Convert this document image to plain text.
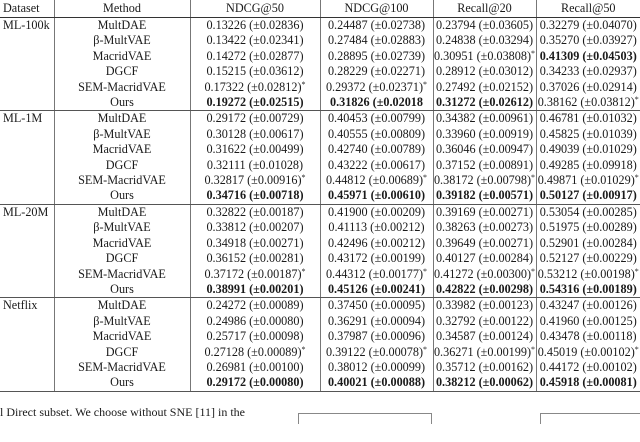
Dataset	Method	NDCG@50	NDCG@100	Recall@20	Recall@50
ML-100k	MultDAE	0.13226 (±0.02836)	0.24487 (±0.02738)	0.23794 (±0.03605)	0.32279 (±0.04070)
	β-MultVAE	0.13422 (±0.02341)	0.27484 (±0.02883)	0.24838 (±0.03294)	0.35270 (±0.03927)
	MacridVAE	0.14272 (±0.02877)	0.28895 (±0.02739)	0.30951 (±0.03808)*	0.41309 (±0.04503)
	DGCF	0.15215 (±0.03612)	0.28229 (±0.02271)	0.28912 (±0.03012)	0.34233 (±0.02937)
	SEM-MacridVAE	0.17322 (±0.02812)*	0.29372 (±0.02371)*	0.27492 (±0.02152)	0.37026 (±0.02914)
	Ours	0.19272 (±0.02515)	0.31826 (±0.02018	0.31272 (±0.02612)	0.38162 (±0.03812)*
ML-1M	MultDAE	0.29172 (±0.00729)	0.40453 (±0.00799)	0.34382 (±0.00961)	0.46781 (±0.01032)
	β-MultVAE	0.30128 (±0.00617)	0.40555 (±0.00809)	0.33960 (±0.00919)	0.45825 (±0.01039)
	MacridVAE	0.31622 (±0.00499)	0.42740 (±0.00789)	0.36046 (±0.00947)	0.49039 (±0.01029)
	DGCF	0.32111 (±0.01028)	0.43222 (±0.00617)	0.37152 (±0.00891)	0.49285 (±0.09918)
	SEM-MacridVAE	0.32817 (±0.00916)*	0.44812 (±0.00689)*	0.38172 (±0.00798)*	0.49871 (±0.01029)*
	Ours	0.34716 (±0.00718)	0.45971 (±0.00610)	0.39182 (±0.00571)	0.50127 (±0.00917)
ML-20M	MultDAE	0.32822 (±0.00187)	0.41900 (±0.00209)	0.39169 (±0.00271)	0.53054 (±0.00285)
	β-MultVAE	0.33812 (±0.00207)	0.41113 (±0.00212)	0.38263 (±0.00273)	0.51975 (±0.00289)
	MacridVAE	0.34918 (±0.00271)	0.42496 (±0.00212)	0.39649 (±0.00271)	0.52901 (±0.00284)
	DGCF	0.36152 (±0.00281)	0.43172 (±0.00199)	0.40127 (±0.00284)	0.52127 (±0.00229)
	SEM-MacridVAE	0.37172 (±0.00187)*	0.44312 (±0.00177)*	0.41272 (±0.00300)*	0.53212 (±0.00198)*
	Ours	0.38991 (±0.00201)	0.45126 (±0.00241)	0.42822 (±0.00298)	0.54316 (±0.00189)
Netflix	MultDAE	0.24272 (±0.00089)	0.37450 (±0.00095)	0.33982 (±0.00123)	0.43247 (±0.00126)
	β-MultVAE	0.24986 (±0.00080)	0.36291 (±0.00094)	0.32792 (±0.00122)	0.41960 (±0.00125)
	MacridVAE	0.25717 (±0.00098)	0.37987 (±0.00096)	0.34587 (±0.00124)	0.43478 (±0.00118)
	DGCF	0.27128 (±0.00089)*	0.39122 (±0.00078)*	0.36271 (±0.00199)*	0.45019 (±0.00102)*
	SEM-MacridVAE	0.26981 (±0.00100)	0.38012 (±0.00099)	0.35712 (±0.00162)	0.44172 (±0.00102)
	Ours	0.29172 (±0.00080)	0.40021 (±0.00088)	0.38212 (±0.00062)	0.45918 (±0.00081)
l Direct subset. We choose without SNE [11] in the
